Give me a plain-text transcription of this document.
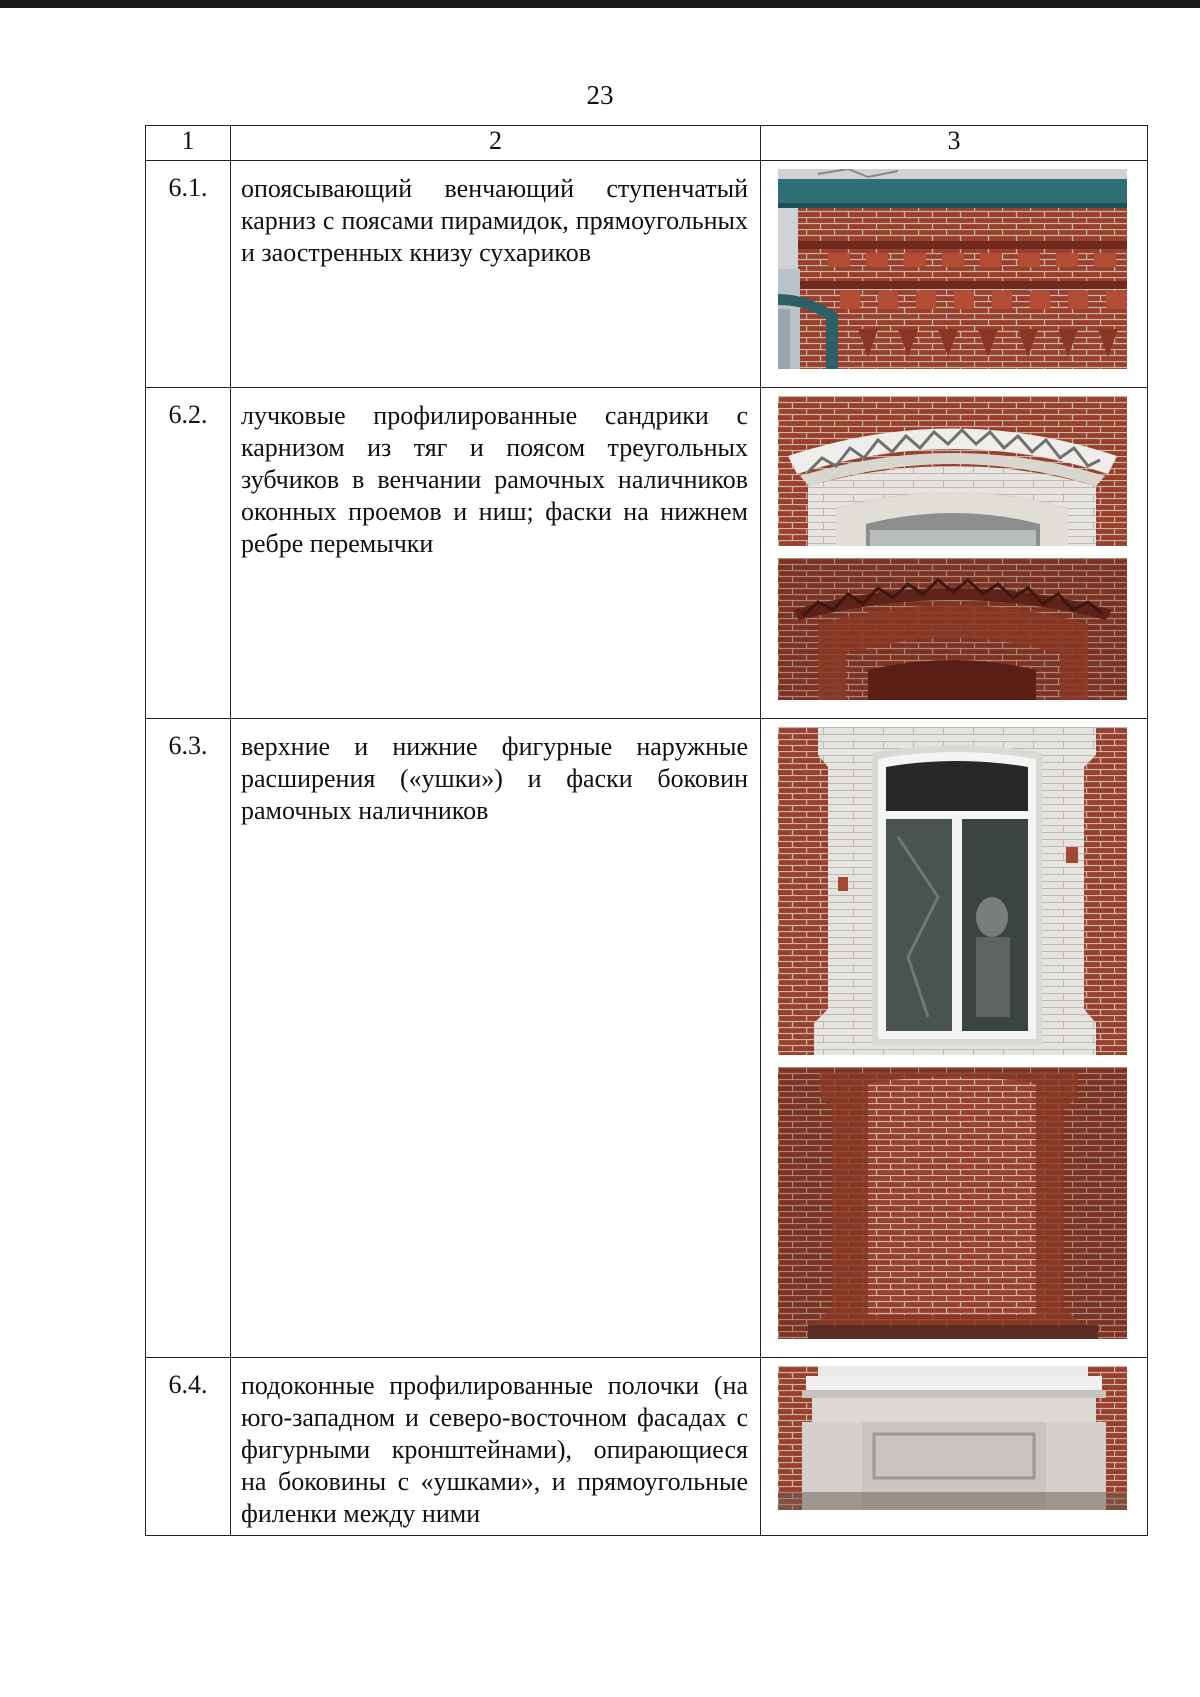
23
1	2	3
6.1.	опоясывающий венчающий ступенчатый карниз с поясами пирамидок, прямоугольных и заостренных книзу сухариков	

6.2.	лучковые профилированные сандрики с карнизом из тяг и поясом треугольных зубчиков в венчании рамочных наличников оконных проемов и ниш; фаски на нижнем ребре перемычки	

6.3.	верхние и нижние фигурные наружные расширения («ушки») и фаски боковин рамочных наличников	

6.4.	подоконные профилированные полочки (на юго-западном и северо-восточном фасадах с фигурными кронштейнами), опирающиеся на боковины с «ушками», и прямоугольные филенки между ними	
